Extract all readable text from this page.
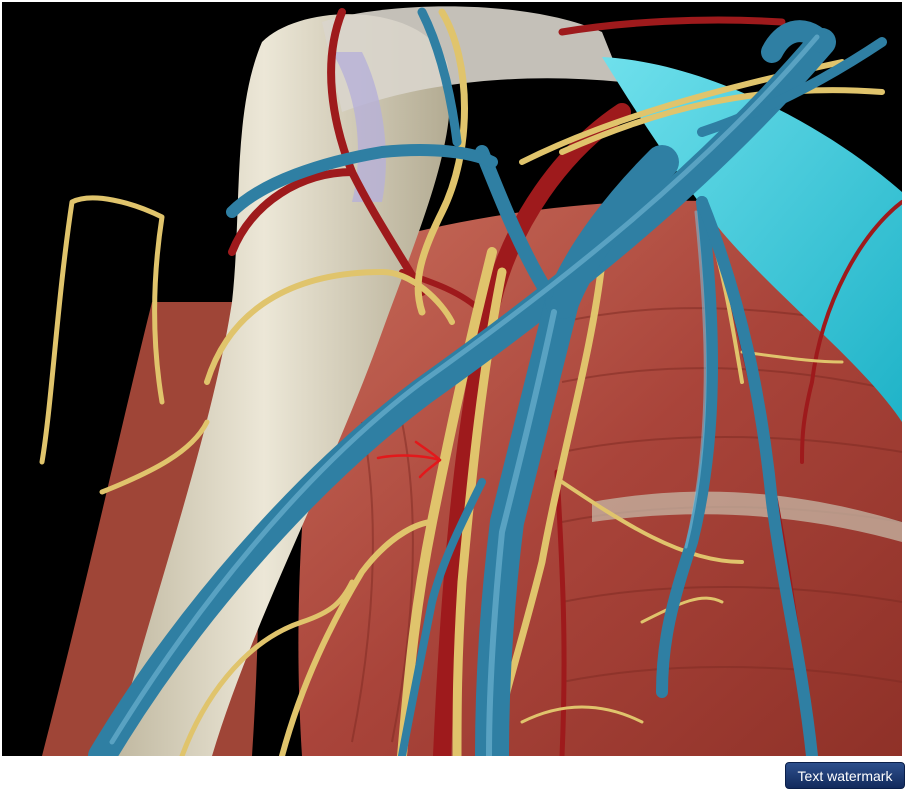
Text watermark
